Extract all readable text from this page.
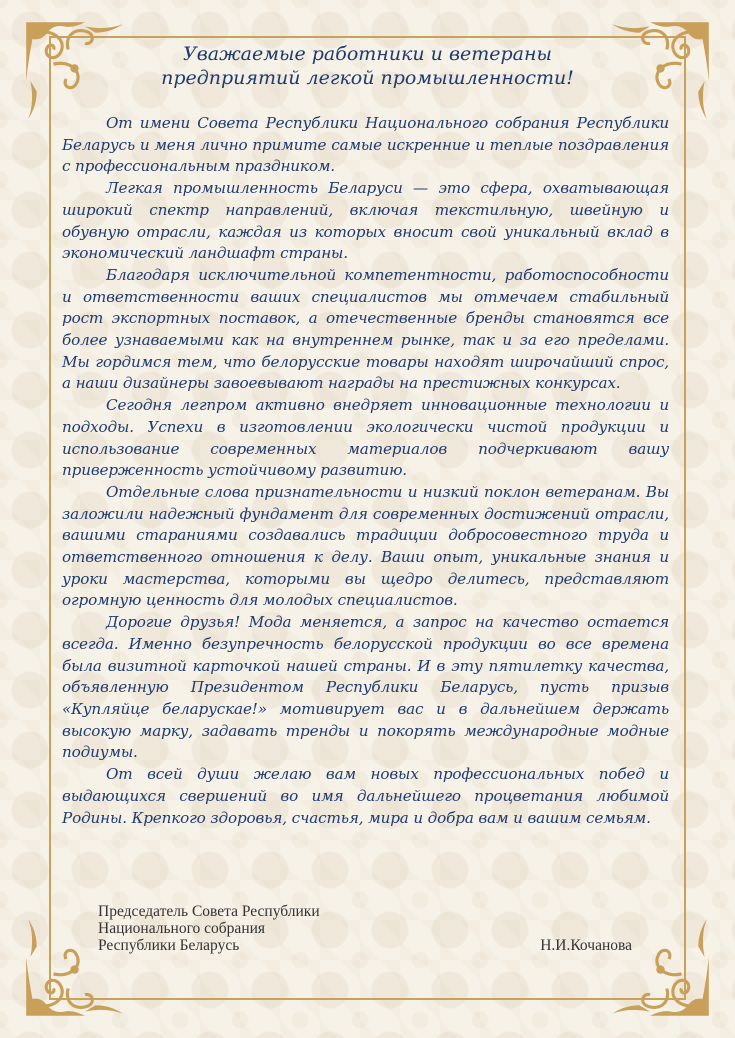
Уважаемые работники и ветераны
предприятий легкой промышленности!

От имени Совета Республики Национального собрания Республики Беларусь и меня лично примите самые искренние и теплые поздравления с профессиональным праздником.

Легкая промышленность Беларуси — это сфера, охватывающая широкий спектр направлений, включая текстильную, швейную и обувную отрасли, каждая из которых вносит свой уникальный вклад в экономический ландшафт страны.

Благодаря исключительной компетентности, работоспособности и ответственности ваших специалистов мы отмечаем стабильный рост экспортных поставок, а отечественные бренды становятся все более узнаваемыми как на внутреннем рынке, так и за его пределами. Мы гордимся тем, что белорусские товары находят широчайший спрос, а наши дизайнеры завоевывают награды на престижных конкурсах.

Сегодня легпром активно внедряет инновационные технологии и подходы. Успехи в изготовлении экологически чистой продукции и использование современных материалов подчеркивают вашу приверженность устойчивому развитию.

Отдельные слова признательности и низкий поклон ветеранам. Вы заложили надежный фундамент для современных достижений отрасли, вашими стараниями создавались традиции добросовестного труда и ответственного отношения к делу. Ваши опыт, уникальные знания и уроки мастерства, которыми вы щедро делитесь, представляют огромную ценность для молодых специалистов.

Дорогие друзья! Мода меняется, а запрос на качество остается всегда. Именно безупречность белорусской продукции во все времена была визитной карточкой нашей страны. И в эту пятилетку качества, объявленную Президентом Республики Беларусь, пусть призыв «Купляйце беларускае!» мотивирует вас и в дальнейшем держать высокую марку, задавать тренды и покорять международные модные подиумы.

От всей души желаю вам новых профессиональных побед и выдающихся свершений во имя дальнейшего процветания любимой Родины. Крепкого здоровья, счастья, мира и добра вам и вашим семьям.

Председатель Совета Республики
Национального собрания
Республики Беларусь	Н.И.Кочанова
